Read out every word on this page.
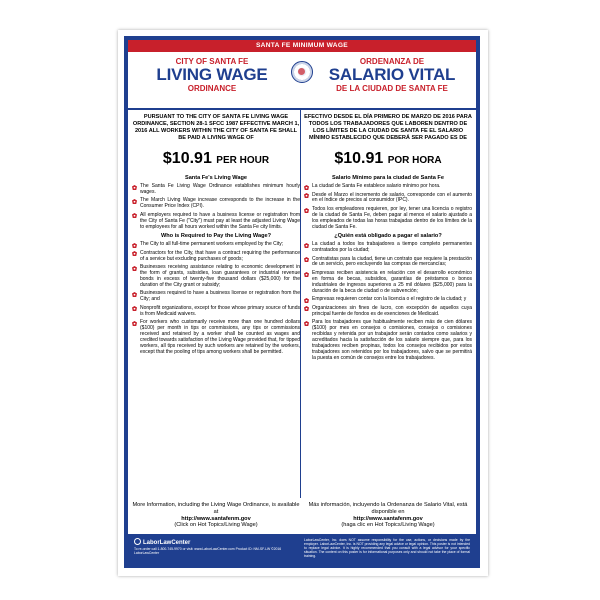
SANTA FE MINIMUM WAGE
CITY OF SANTA FE
LIVING WAGE
ORDINANCE
ORDENANZA DE
SALARIO VITAL
DE LA CIUDAD DE SANTA FE
PURSUANT TO THE CITY OF SANTA FE LIVING WAGE ORDINANCE, SECTION 28-1 SFCC 1987 EFFECTIVE MARCH 1, 2016 ALL WORKERS WITHIN THE CITY OF SANTA FE SHALL BE PAID A LIVING WAGE OF
$10.91 PER HOUR
Santa Fe's Living Wage
The Santa Fe Living Wage Ordinance establishes minimum hourly wages.
The March Living Wage increase corresponds to the increase in the Consumer Price Index (CPI).
All employers required to have a business license or registration from the City of Santa Fe ("City") must pay at least the adjusted Living Wage to employees for all hours worked within the Santa Fe city limits.
Who is Required to Pay the Living Wage?
The City to all full-time permanent workers employed by the City;
Contractors for the City, that have a contract requiring the performance of a service but excluding purchases of goods;
Businesses receiving assistance relating to economic development in the form of grants, subsidies, loan guarantees or industrial revenue bonds in excess of twenty-five thousand dollars ($25,000) for the duration of the City grant or subsidy;
Businesses required to have a business license or registration from the City; and
Nonprofit organizations, except for those whose primary source of funds is from Medicaid waivers.
For workers who customarily receive more than one hundred dollars ($100) per month in tips or commissions, any tips or commissions received and retained by a worker shall be counted as wages and credited towards satisfaction of the Living Wage provided that, for tipped workers, all tips received by such workers are retained by the workers, except that the pooling of tips among workers shall be permitted.
EFECTIVO DESDE EL DÍA PRIMERO DE MARZO DE 2016 PARA TODOS LOS TRABAJADORES QUE LABOREN DENTRO DE LOS LÍMITES DE LA CIUDAD DE SANTA FE EL SALARIO MÍNIMO ESTABLECIDO QUE DEBERÁ SER PAGADO ES DE
$10.91 POR HORA
Salario Mínimo para la ciudad de Santa Fe
La ciudad de Santa Fe establece salario mínimo por hora.
Desde el Marzo el incremento de salario, corresponde con el aumento en el índice de precios al consumidor (IPC).
Todos los empleadores requieren, por ley, tener una licencia o registro de la ciudad de Santa Fe, deben pagar al menos el salario ajustado a los empleados de todas las horas trabajadas dentro de los límites de la ciudad de Santa Fe.
¿Quién está obligado a pagar el salario?
La ciudad a todos los trabajadores a tiempo completo permanentes contratados por la ciudad;
Contratistas para la ciudad, tiene un contrato que requiere la prestación de un servicio, pero excluyendo las compras de mercancías;
Empresas reciben asistencia en relación con el desarrollo económico en forma de becas, subsidios, garantías de préstamos o bonos industriales de ingresos superiores a 25 mil dólares ($25,000) para la duración de la beca de ciudad o de subvención;
Empresas requieren contar con la licencia o el registro de la ciudad; y
Organizaciones sin fines de lucro, con excepción de aquellos cuya principal fuente de fondos es de exenciones de Medicaid.
Para los trabajadores que habitualmente reciben más de cien dólares ($100) por mes en consejos o comisiones, consejos o comisiones recibidas y retenida por un trabajador serán contados como salarios y acreditados hacia la satisfacción de los salario siempre que, para los trabajadores reciben propinas, todos los consejos recibidos por estos trabajadores son retenidos por los trabajadores, salvo que se permitirá la puesta en común de consejos entre los trabajadores.
More Information, including the Living Wage Ordinance, is available at
http://www.santafenm.gov
(Click on Hot Topics/Living Wage)
Más información, incluyendo la Ordenanza de Salario Vital, está disponible en
http://www.santafenm.gov
(haga clic en Hot Topics/Living Wage)
LaborLawCenter
To re-order call 1-800-745-9970 or visit: www.LaborLawCenter.com Product ID: NM-SF-LW ©2016 LaborLawCenter
LaborLawCenter, Inc. does NOT assume responsibility for the use, actions, or decisions made by the employer. LaborLawCenter, Inc. is NOT providing any legal advice or legal opinion. This poster is not intended to replace legal advice. It is highly recommended that you consult with a legal advisor for your specific situation. The content on this poster is for informational purposes only and should not take the place of formal training.
